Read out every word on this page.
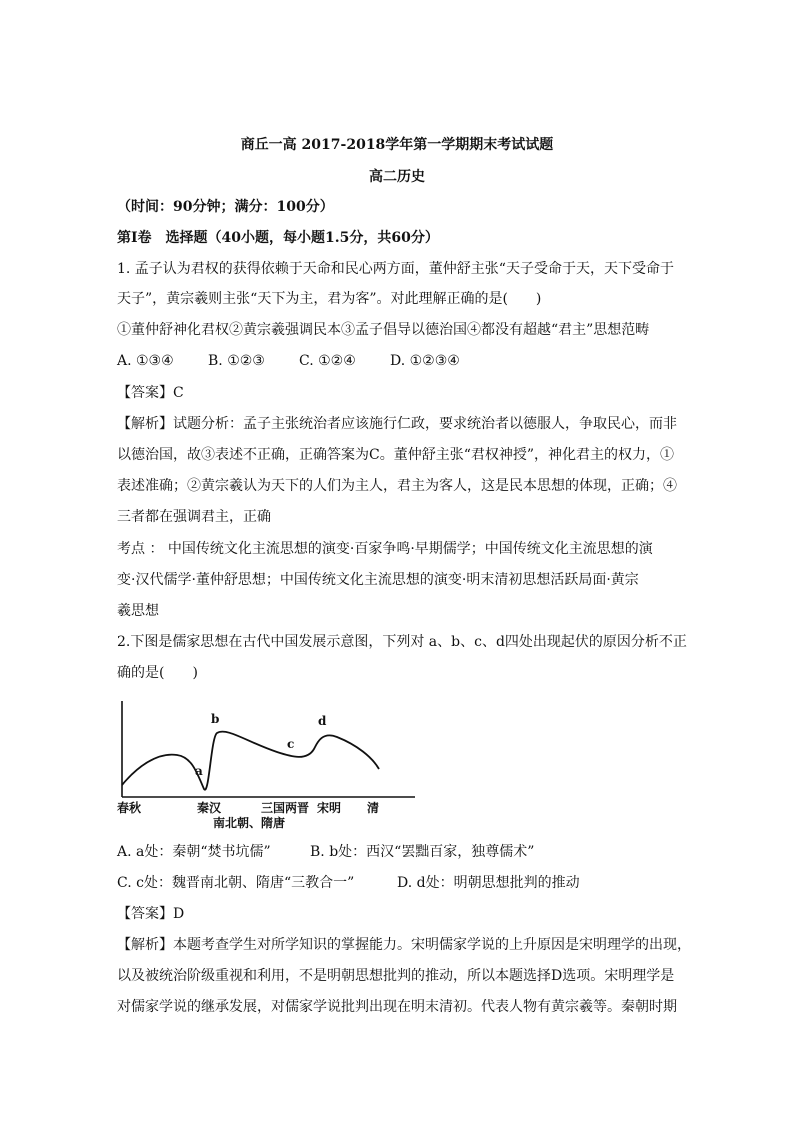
商丘一高 2017-2018学年第一学期期末考试试题
高二历史
（时间：90分钟；满分：100分）
第Ⅰ卷　选择题（40小题，每小题1.5分，共60分）
1. 孟子认为君权的获得依赖于天命和民心两方面，董仲舒主张“天子受命于天，天下受命于
天子”，黄宗羲则主张“天下为主，君为客”。对此理解正确的是(　　)
①董仲舒神化君权②黄宗羲强调民本③孟子倡导以德治国④都没有超越“君主”思想范畴
A. ①③④ B. ①②③ C. ①②④ D. ①②③④
【答案】C
【解析】试题分析：孟子主张统治者应该施行仁政，要求统治者以德服人，争取民心，而非
以德治国，故③表述不正确，正确答案为C。董仲舒主张“君权神授”，神化君主的权力，①
表述准确；②黄宗羲认为天下的人们为主人，君主为客人，这是民本思想的体现，正确；④
三者都在强调君主，正确
考点 ： 中国传统文化主流思想的演变·百家争鸣·早期儒学；中国传统文化主流思想的演
变·汉代儒学·董仲舒思想；中国传统文化主流思想的演变·明末清初思想活跃局面·黄宗
羲思想
2.下图是儒家思想在古代中国发展示意图，下列对 a、b、c、d四处出现起伏的原因分析不正
确的是(　　)
a
b
c
d
春秋	秦汉	三国两晋 宋明 清
南北朝、隋唐
A. a处：秦朝“焚书坑儒”	B. b处：西汉“罢黜百家，独尊儒术”
C. c处：魏晋南北朝、隋唐“三教合一”	D. d处：明朝思想批判的推动
【答案】D
【解析】本题考查学生对所学知识的掌握能力。宋明儒家学说的上升原因是宋明理学的出现，
以及被统治阶级重视和利用，不是明朝思想批判的推动，所以本题选择D选项。宋明理学是
对儒家学说的继承发展，对儒家学说批判出现在明末清初。代表人物有黄宗羲等。秦朝时期
